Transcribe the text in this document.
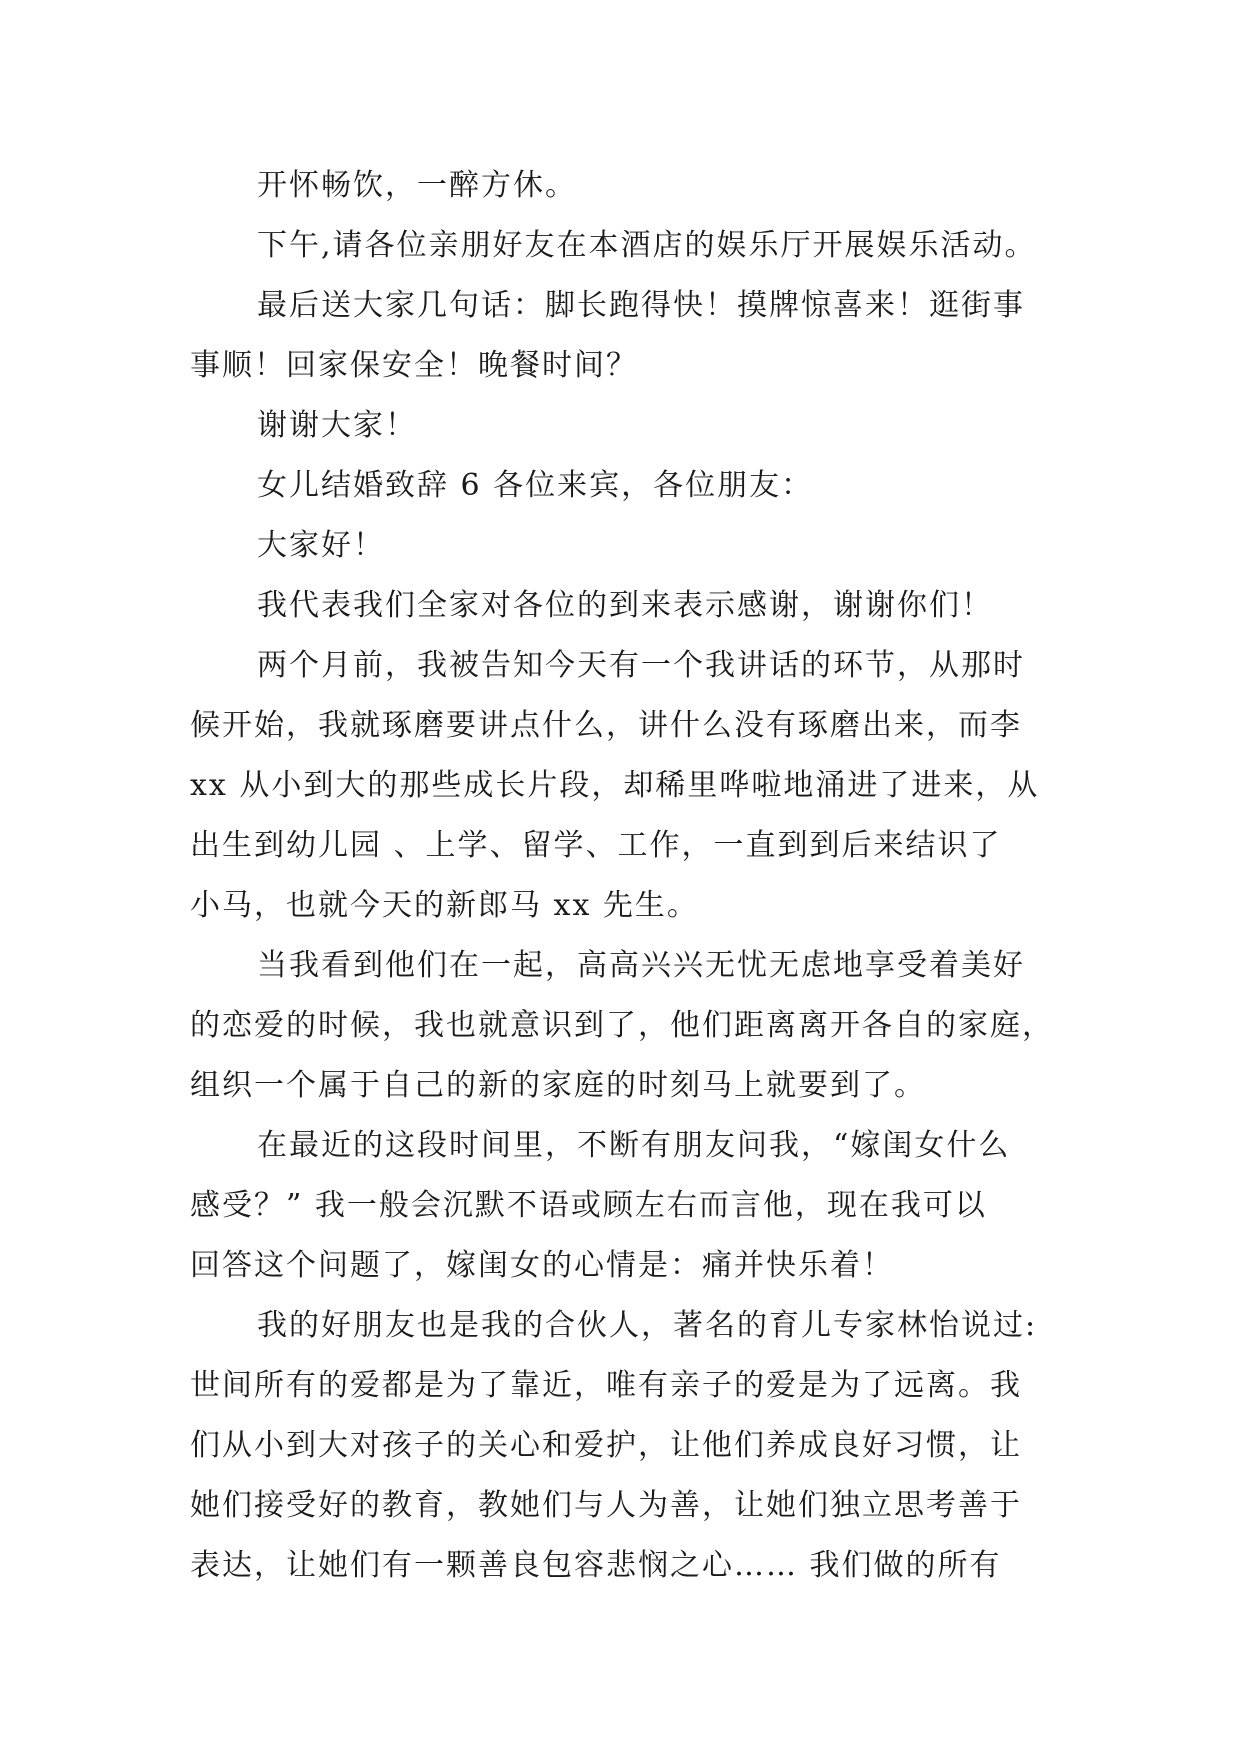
开怀畅饮，一醉方休。
下午,请各位亲朋好友在本酒店的娱乐厅开展娱乐活动。
最后送大家几句话：脚长跑得快！摸牌惊喜来！逛街事
事顺！回家保安全！晚餐时间？
谢谢大家！
女儿结婚致辞 6 各位来宾，各位朋友：
大家好！
我代表我们全家对各位的到来表示感谢，谢谢你们！
两个月前，我被告知今天有一个我讲话的环节，从那时
候开始，我就琢磨要讲点什么，讲什么没有琢磨出来，而李
xx 从小到大的那些成长片段，却稀里哗啦地涌进了进来，从
出生到幼儿园 、上学、留学、工作，一直到到后来结识了
小马，也就今天的新郎马 xx 先生。
当我看到他们在一起，高高兴兴无忧无虑地享受着美好
的恋爱的时候，我也就意识到了，他们距离离开各自的家庭，
组织一个属于自己的新的家庭的时刻马上就要到了。
在最近的这段时间里，不断有朋友问我，“嫁闺女什么
感受？” 我一般会沉默不语或顾左右而言他，现在我可以
回答这个问题了，嫁闺女的心情是：痛并快乐着！
我的好朋友也是我的合伙人，著名的育儿专家林怡说过:
世间所有的爱都是为了靠近，唯有亲子的爱是为了远离。我
们从小到大对孩子的关心和爱护，让他们养成良好习惯，让
她们接受好的教育，教她们与人为善，让她们独立思考善于
表达，让她们有一颗善良包容悲悯之心…… 我们做的所有
